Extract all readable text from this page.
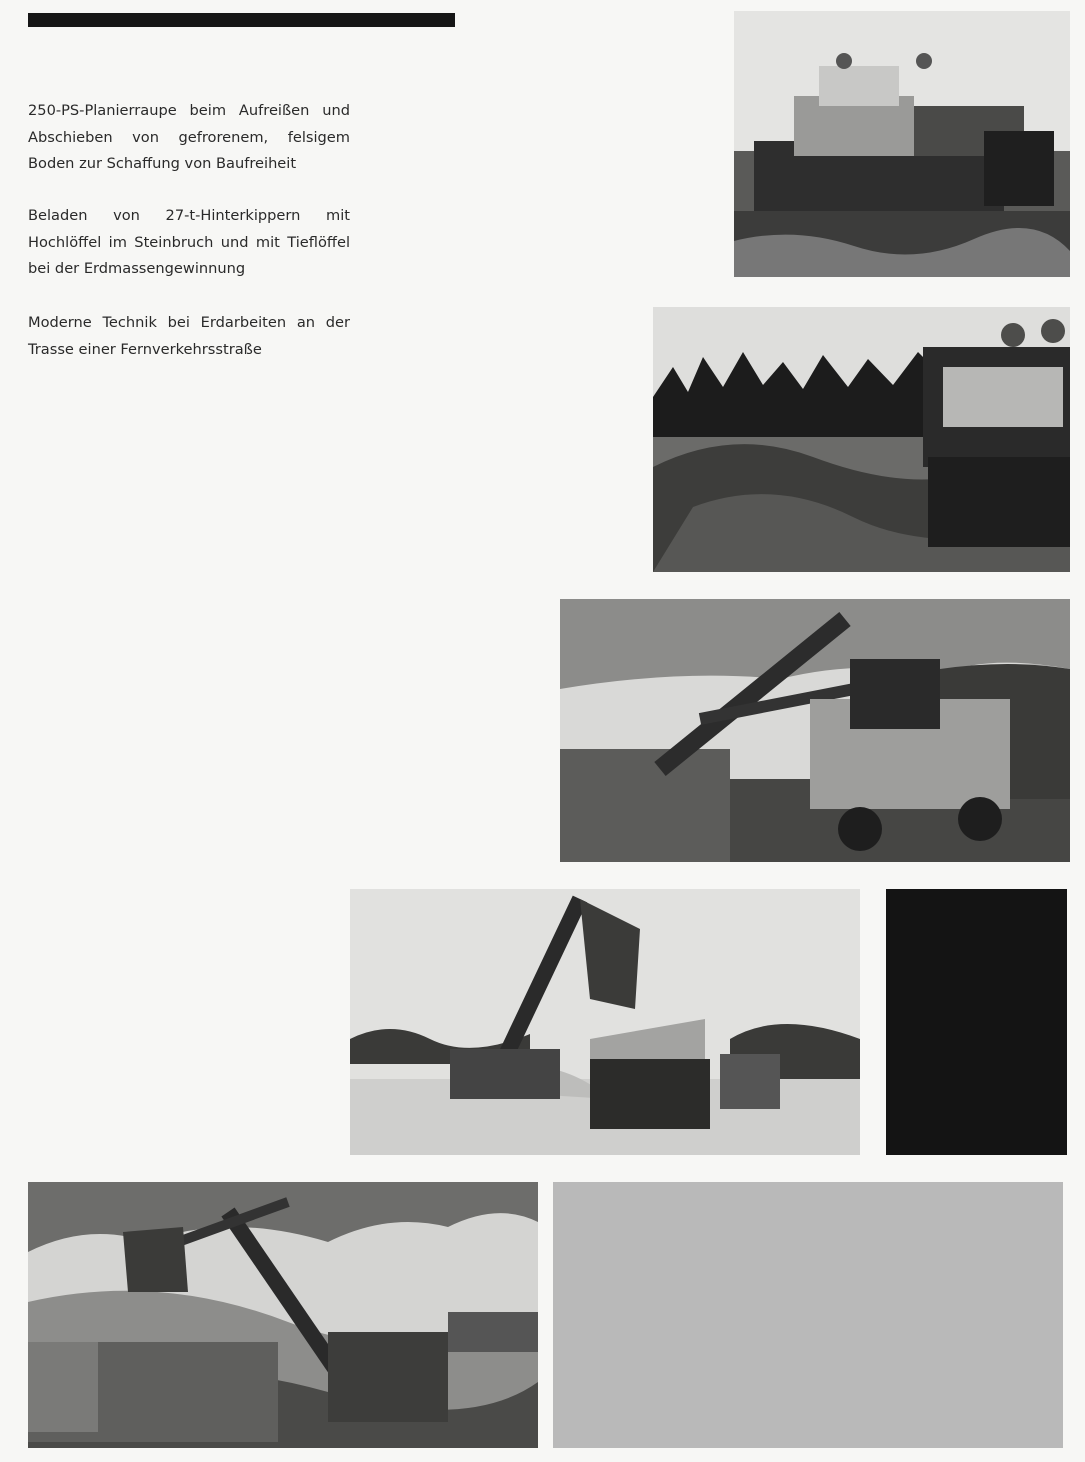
250-PS-Planierraupe beim Aufreißen und Abschieben von gefrorenem, felsigem Boden zur Schaffung von Baufreiheit

Beladen von 27-t-Hinterkippern mit Hochlöffel im Steinbruch und mit Tieflöffel bei der Erdmassengewinnung

Moderne Technik bei Erdarbeiten an der Trasse einer Fernverkehrsstraße
